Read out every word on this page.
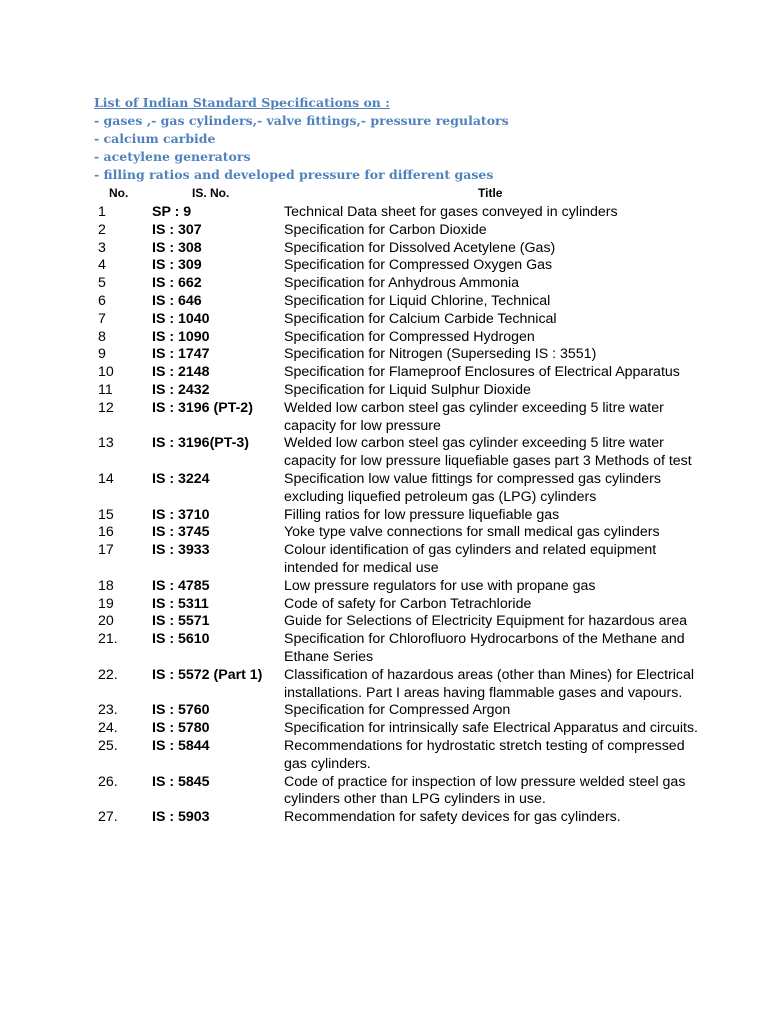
List of Indian Standard Specifications on :
- gases ,- gas cylinders,- valve fittings,- pressure regulators
- calcium carbide
- acetylene generators
- filling ratios and developed pressure for different gases
No.	IS. No.	Title
1	SP : 9	Technical Data sheet for gases conveyed in cylinders
2	IS : 307	Specification for Carbon Dioxide
3	IS : 308	Specification for Dissolved Acetylene (Gas)
4	IS : 309	Specification for Compressed Oxygen Gas
5	IS : 662	Specification for Anhydrous Ammonia
6	IS : 646	Specification for Liquid Chlorine, Technical
7	IS : 1040	Specification for Calcium Carbide Technical
8	IS : 1090	Specification for Compressed Hydrogen
9	IS : 1747	Specification for Nitrogen (Superseding IS : 3551)
10	IS : 2148	Specification for Flameproof Enclosures of Electrical Apparatus
11	IS : 2432	Specification for Liquid Sulphur Dioxide
12	IS : 3196 (PT-2)	Welded low carbon steel gas cylinder exceeding 5 litre water capacity for low pressure
13	IS : 3196(PT-3)	Welded low carbon steel gas cylinder exceeding 5 litre water capacity for low pressure liquefiable gases part 3 Methods of test
14	IS : 3224	Specification low value fittings for compressed gas cylinders excluding liquefied petroleum gas (LPG) cylinders
15	IS : 3710	Filling ratios for low pressure liquefiable gas
16	IS : 3745	Yoke type valve connections for small medical gas cylinders
17	IS : 3933	Colour identification of gas cylinders and related equipment intended for medical use
18	IS : 4785	Low pressure regulators for use with propane gas
19	IS : 5311	Code of safety for Carbon Tetrachloride
20	IS : 5571	Guide for Selections of Electricity Equipment for hazardous area
21.	IS : 5610	Specification for Chlorofluoro Hydrocarbons of the Methane and Ethane Series
22.	IS : 5572 (Part 1)	Classification of hazardous areas (other than Mines) for Electrical installations. Part I areas having flammable gases and vapours.
23.	IS : 5760	Specification for Compressed Argon
24.	IS : 5780	Specification for intrinsically safe Electrical Apparatus and circuits.
25.	IS : 5844	Recommendations for hydrostatic stretch testing of compressed gas cylinders.
26.	IS : 5845	Code of practice for inspection of low pressure welded steel gas cylinders other than LPG cylinders in use.
27.	IS : 5903	Recommendation for safety devices for gas cylinders.
